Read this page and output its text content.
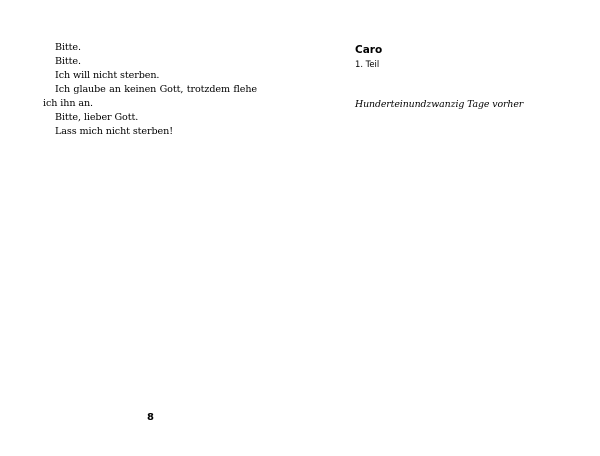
Bitte.
Bitte.
Ich will nicht sterben.
Ich glaube an keinen Gott, trotzdem flehe ich ihn an.
Bitte, lieber Gott.
Lass mich nicht sterben!
8
Caro
1. Teil
Hunderteinundzwanzig Tage vorher
